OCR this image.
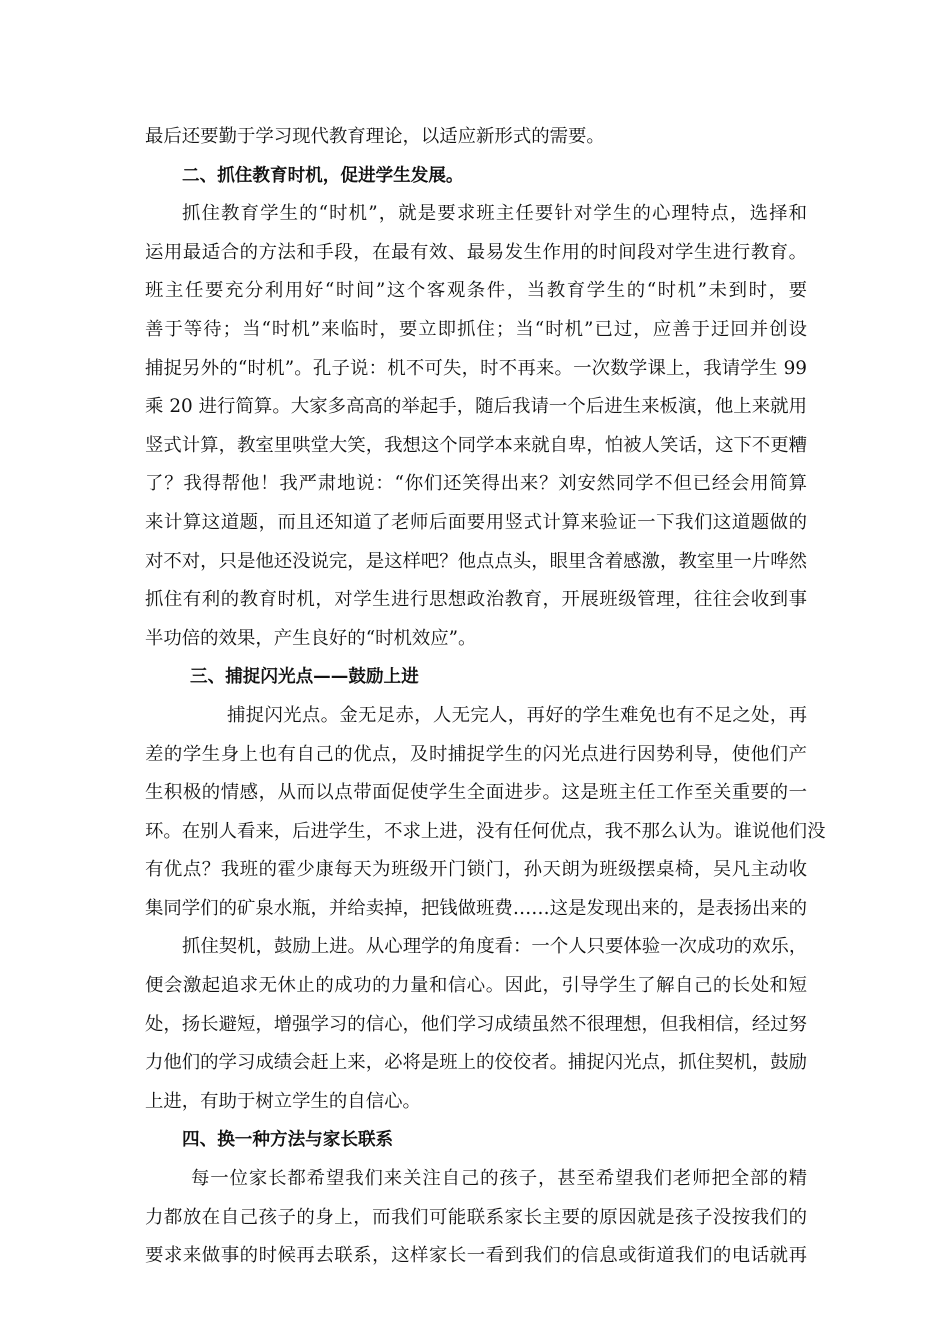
最后还要勤于学习现代教育理论，以适应新形式的需要。
二、抓住教育时机，促进学生发展。
抓住教育学生的“时机”，就是要求班主任要针对学生的心理特点，选择和
运用最适合的方法和手段，在最有效、最易发生作用的时间段对学生进行教育。
班主任要充分利用好“时间”这个客观条件，当教育学生的“时机”未到时，要
善于等待；当“时机”来临时，要立即抓住；当“时机”已过，应善于迂回并创设
捕捉另外的“时机”。孔子说：机不可失，时不再来。一次数学课上，我请学生 99
乘 20 进行简算。大家多高高的举起手，随后我请一个后进生来板演，他上来就用
竖式计算，教室里哄堂大笑，我想这个同学本来就自卑，怕被人笑话，这下不更糟
了？我得帮他！我严肃地说：“你们还笑得出来？刘安然同学不但已经会用简算
来计算这道题，而且还知道了老师后面要用竖式计算来验证一下我们这道题做的
对不对，只是他还没说完，是这样吧？他点点头，眼里含着感激，教室里一片哗然
抓住有利的教育时机，对学生进行思想政治教育，开展班级管理，往往会收到事
半功倍的效果，产生良好的“时机效应”。
三、捕捉闪光点——鼓励上进
捕捉闪光点。金无足赤，人无完人，再好的学生难免也有不足之处，再
差的学生身上也有自己的优点，及时捕捉学生的闪光点进行因势利导，使他们产
生积极的情感，从而以点带面促使学生全面进步。这是班主任工作至关重要的一
环。在别人看来，后进学生，不求上进，没有任何优点，我不那么认为。谁说他们没
有优点？我班的霍少康每天为班级开门锁门，孙天朗为班级摆桌椅，吴凡主动收
集同学们的矿泉水瓶，并给卖掉，把钱做班费……这是发现出来的，是表扬出来的
抓住契机，鼓励上进。从心理学的角度看：一个人只要体验一次成功的欢乐，
便会激起追求无休止的成功的力量和信心。因此，引导学生了解自己的长处和短
处，扬长避短，增强学习的信心，他们学习成绩虽然不很理想，但我相信，经过努
力他们的学习成绩会赶上来，必将是班上的佼佼者。捕捉闪光点，抓住契机，鼓励
上进，有助于树立学生的自信心。
四、换一种方法与家长联系
每一位家长都希望我们来关注自己的孩子，甚至希望我们老师把全部的精
力都放在自己孩子的身上，而我们可能联系家长主要的原因就是孩子没按我们的
要求来做事的时候再去联系，这样家长一看到我们的信息或街道我们的电话就再
